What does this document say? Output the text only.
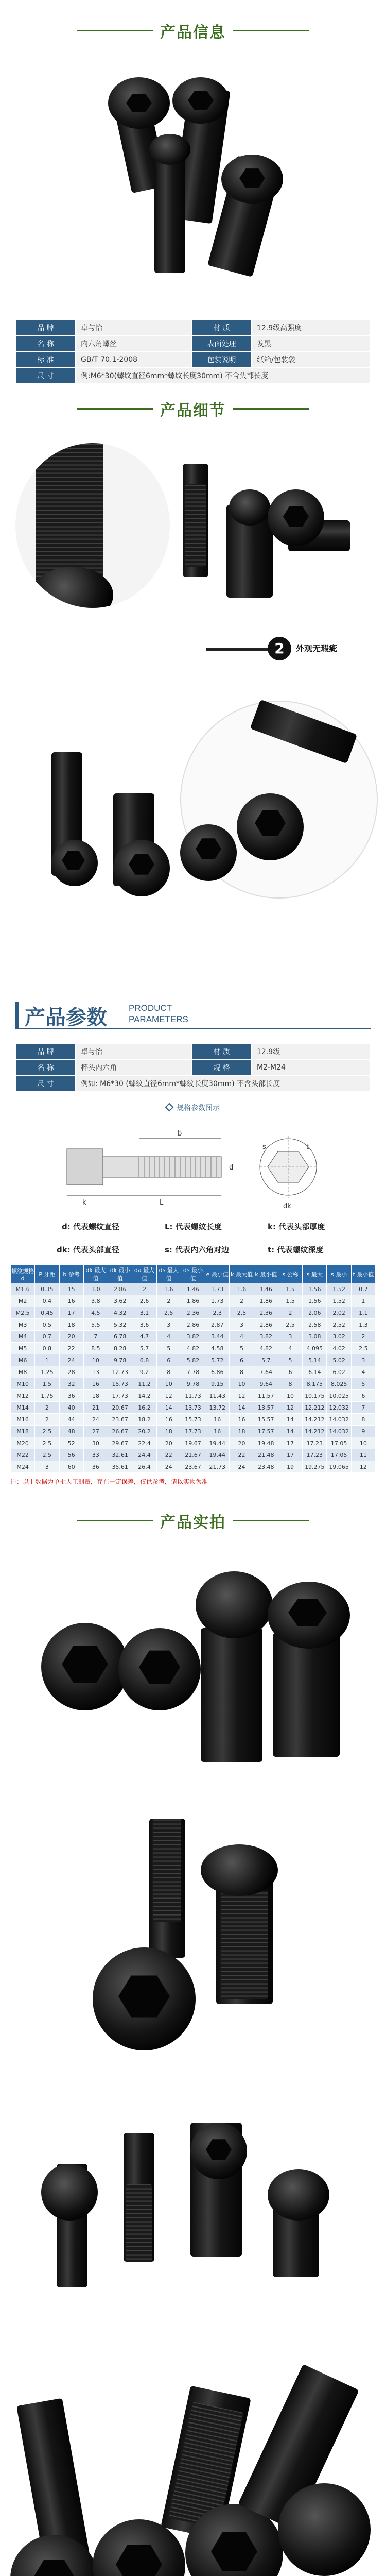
产品信息
品 牌	卓与怡	材 质	12.9级高强度
名 称	内六角螺丝	表面处理	发黑
标 准	GB/T 70.1-2008	包装说明	纸箱/包装袋
尺 寸	例:M6*30(螺纹直径6mm*螺纹长度30mm) 不含头部长度		
产品细节
2	外观无瑕疵
产品参数 PRODUCT
PARAMETERS
品 牌	卓与怡	材 质	12.9级
名 称	杯头内六角	规 格	M2-M24
尺 寸	例如: M6*30 (螺纹直径6mm*螺纹长度30mm) 不含头部长度		
规格参数图示
b
k	L
d
s	t
dk
d: 代表螺纹直径	L: 代表螺纹长度	k: 代表头部厚度
dk: 代表头部直径	s: 代表内六角对边	t: 代表螺纹深度
螺纹规格 d	P 牙距	b 参考	dk 最大值	dk 最小值	da 最大值	ds 最大值	ds 最小值	e 最小值	k 最大值	k 最小值	s 公称	s 最大	s 最小	t 最小值
M1.6	0.35	15	3.0	2.86	2	1.6	1.46	1.73	1.6	1.46	1.5	1.56	1.52	0.7
M2	0.4	16	3.8	3.62	2.6	2	1.86	1.73	2	1.86	1.5	1.56	1.52	1
M2.5	0.45	17	4.5	4.32	3.1	2.5	2.36	2.3	2.5	2.36	2	2.06	2.02	1.1
M3	0.5	18	5.5	5.32	3.6	3	2.86	2.87	3	2.86	2.5	2.58	2.52	1.3
M4	0.7	20	7	6.78	4.7	4	3.82	3.44	4	3.82	3	3.08	3.02	2
M5	0.8	22	8.5	8.28	5.7	5	4.82	4.58	5	4.82	4	4.095	4.02	2.5
M6	1	24	10	9.78	6.8	6	5.82	5.72	6	5.7	5	5.14	5.02	3
M8	1.25	28	13	12.73	9.2	8	7.78	6.86	8	7.64	6	6.14	6.02	4
M10	1.5	32	16	15.73	11.2	10	9.78	9.15	10	9.64	8	8.175	8.025	5
M12	1.75	36	18	17.73	14.2	12	11.73	11.43	12	11.57	10	10.175	10.025	6
M14	2	40	21	20.67	16.2	14	13.73	13.72	14	13.57	12	12.212	12.032	7
M16	2	44	24	23.67	18.2	16	15.73	16	16	15.57	14	14.212	14.032	8
M18	2.5	48	27	26.67	20.2	18	17.73	16	18	17.57	14	14.212	14.032	9
M20	2.5	52	30	29.67	22.4	20	19.67	19.44	20	19.48	17	17.23	17.05	10
M22	2.5	56	33	32.61	24.4	22	21.67	19.44	22	21.48	17	17.23	17.05	11
M24	3	60	36	35.61	26.4	24	23.67	21.73	24	23.48	19	19.275	19.065	12
注：以上数据为单批人工测量，存在一定误差，仅供参考，请以实物为准
产品实拍
